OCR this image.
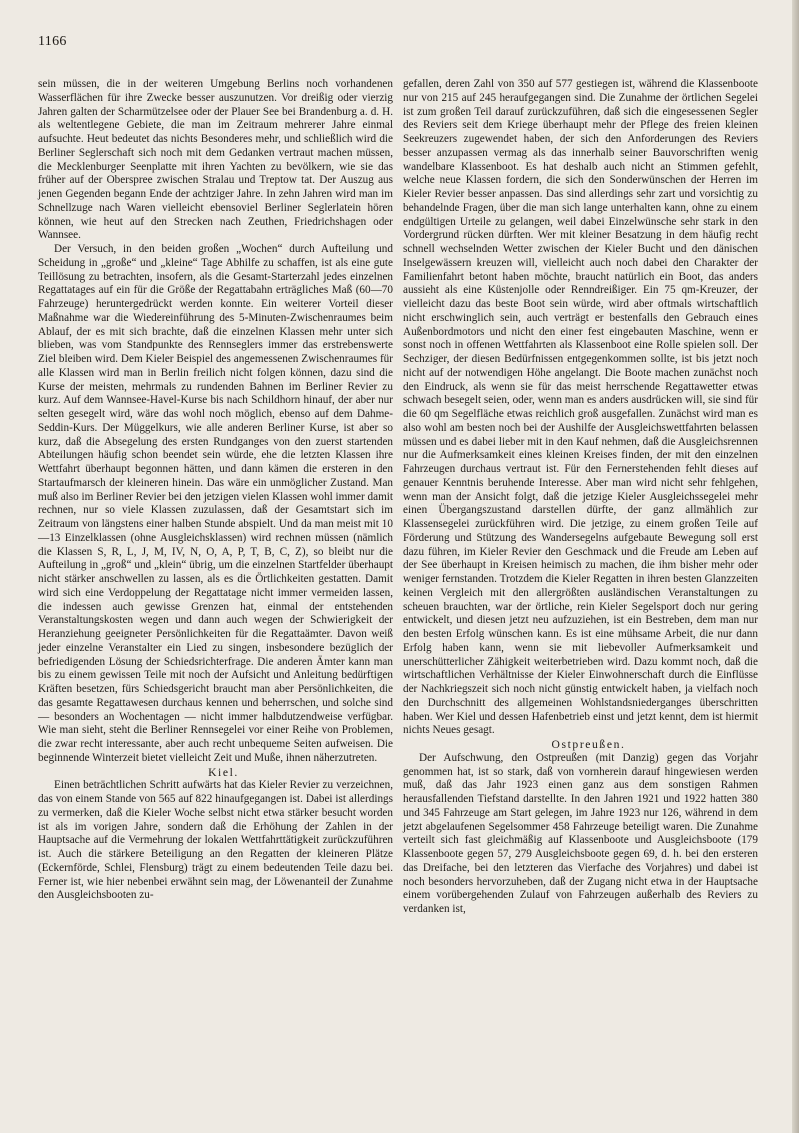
1166

sein müssen, die in der weiteren Umgebung Berlins noch vorhandenen Wasserflächen für ihre Zwecke besser auszunutzen. Vor dreißig oder vierzig Jahren galten der Scharmützelsee oder der Plauer See bei Brandenburg a. d. H. als weltentlegene Gebiete, die man im Zeitraum mehrerer Jahre einmal aufsuchte. Heut bedeutet das nichts Besonderes mehr, und schließlich wird die Berliner Seglerschaft sich noch mit dem Gedanken vertraut machen müssen, die Mecklenburger Seenplatte mit ihren Yachten zu bevölkern, wie sie das früher auf der Oberspree zwischen Stralau und Treptow tat. Der Auszug aus jenen Gegenden begann Ende der achtziger Jahre. In zehn Jahren wird man im Schnellzuge nach Waren vielleicht ebensoviel Berliner Seglerlatein hören können, wie heut auf den Strecken nach Zeuthen, Friedrichshagen oder Wannsee.

Der Versuch, in den beiden großen „Wochen“ durch Aufteilung und Scheidung in „große“ und „kleine“ Tage Abhilfe zu schaffen, ist als eine gute Teillösung zu betrachten, insofern, als die Gesamt-Starterzahl jedes einzelnen Regattatages auf ein für die Größe der Regattabahn erträgliches Maß (60—70 Fahrzeuge) heruntergedrückt werden konnte. Ein weiterer Vorteil dieser Maßnahme war die Wiedereinführung des 5-Minuten-Zwischenraumes beim Ablauf, der es mit sich brachte, daß die einzelnen Klassen mehr unter sich blieben, was vom Standpunkte des Rennseglers immer das erstrebenswerte Ziel bleiben wird. Dem Kieler Beispiel des angemessenen Zwischenraumes für alle Klassen wird man in Berlin freilich nicht folgen können, dazu sind die Kurse der meisten, mehrmals zu rundenden Bahnen im Berliner Revier zu kurz. Auf dem Wannsee-Havel-Kurse bis nach Schildhorn hinauf, der aber nur selten gesegelt wird, wäre das wohl noch möglich, ebenso auf dem Dahme-Seddin-Kurs. Der Müggelkurs, wie alle anderen Berliner Kurse, ist aber so kurz, daß die Absegelung des ersten Rundganges von den zuerst startenden Abteilungen häufig schon beendet sein würde, ehe die letzten Klassen ihre Wettfahrt überhaupt begonnen hätten, und dann kämen die ersteren in den Startaufmarsch der kleineren hinein. Das wäre ein unmöglicher Zustand. Man muß also im Berliner Revier bei den jetzigen vielen Klassen wohl immer damit rechnen, nur so viele Klassen zuzulassen, daß der Gesamtstart sich im Zeitraum von längstens einer halben Stunde abspielt. Und da man meist mit 10—13 Einzelklassen (ohne Ausgleichsklassen) wird rechnen müssen (nämlich die Klassen S, R, L, J, M, IV, N, O, A, P, T, B, C, Z), so bleibt nur die Aufteilung in „groß“ und „klein“ übrig, um die einzelnen Startfelder überhaupt nicht stärker anschwellen zu lassen, als es die Örtlichkeiten gestatten. Damit wird sich eine Verdoppelung der Regattatage nicht immer vermeiden lassen, die indessen auch gewisse Grenzen hat, einmal der entstehenden Veranstaltungskosten wegen und dann auch wegen der Schwierigkeit der Heranziehung geeigneter Persönlichkeiten für die Regattaämter. Davon weiß jeder einzelne Veranstalter ein Lied zu singen, insbesondere bezüglich der befriedigenden Lösung der Schiedsrichterfrage. Die anderen Ämter kann man bis zu einem gewissen Teile mit noch der Aufsicht und Anleitung bedürftigen Kräften besetzen, fürs Schiedsgericht braucht man aber Persönlichkeiten, die das gesamte Regattawesen durchaus kennen und beherrschen, und solche sind — besonders an Wochentagen — nicht immer halbdutzendweise verfügbar. Wie man sieht, steht die Berliner Rennsegelei vor einer Reihe von Problemen, die zwar recht interessante, aber auch recht unbequeme Seiten aufweisen. Die beginnende Winterzeit bietet vielleicht Zeit und Muße, ihnen näherzutreten.

Kiel.

Einen beträchtlichen Schritt aufwärts hat das Kieler Revier zu verzeichnen, das von einem Stande von 565 auf 822 hinaufgegangen ist. Dabei ist allerdings zu vermerken, daß die Kieler Woche selbst nicht etwa stärker besucht worden ist als im vorigen Jahre, sondern daß die Erhöhung der Zahlen in der Hauptsache auf die Vermehrung der lokalen Wettfahrttätigkeit zurückzuführen ist. Auch die stärkere Beteiligung an den Regatten der kleineren Plätze (Eckernförde, Schlei, Flensburg) trägt zu einem bedeutenden Teile dazu bei. Ferner ist, wie hier nebenbei erwähnt sein mag, der Löwenanteil der Zunahme den Ausgleichsbooten zu-

gefallen, deren Zahl von 350 auf 577 gestiegen ist, während die Klassenboote nur von 215 auf 245 heraufgegangen sind. Die Zunahme der örtlichen Segelei ist zum großen Teil darauf zurückzuführen, daß sich die eingesessenen Segler des Reviers seit dem Kriege überhaupt mehr der Pflege des freien kleinen Seekreuzers zugewendet haben, der sich den Anforderungen des Reviers besser anzupassen vermag als das innerhalb seiner Bauvorschriften wenig wandelbare Klassenboot. Es hat deshalb auch nicht an Stimmen gefehlt, welche neue Klassen fordern, die sich den Sonderwünschen der Herren im Kieler Revier besser anpassen. Das sind allerdings sehr zart und vorsichtig zu behandelnde Fragen, über die man sich lange unterhalten kann, ohne zu einem endgültigen Urteile zu gelangen, weil dabei Einzelwünsche sehr stark in den Vordergrund rücken dürften. Wer mit kleiner Besatzung in dem häufig recht schnell wechselnden Wetter zwischen der Kieler Bucht und den dänischen Inselgewässern kreuzen will, vielleicht auch noch dabei den Charakter der Familienfahrt betont haben möchte, braucht natürlich ein Boot, das anders aussieht als eine Küstenjolle oder Renndreißiger. Ein 75 qm-Kreuzer, der vielleicht dazu das beste Boot sein würde, wird aber oftmals wirtschaftlich nicht erschwinglich sein, auch verträgt er bestenfalls den Gebrauch eines Außenbordmotors und nicht den einer fest eingebauten Maschine, wenn er sonst noch in offenen Wettfahrten als Klassenboot eine Rolle spielen soll. Der Sechziger, der diesen Bedürfnissen entgegenkommen sollte, ist bis jetzt noch nicht auf der notwendigen Höhe angelangt. Die Boote machen zunächst noch den Eindruck, als wenn sie für das meist herrschende Regattawetter etwas schwach besegelt seien, oder, wenn man es anders ausdrücken will, sie sind für die 60 qm Segelfläche etwas reichlich groß ausgefallen. Zunächst wird man es also wohl am besten noch bei der Aushilfe der Ausgleichswettfahrten belassen müssen und es dabei lieber mit in den Kauf nehmen, daß die Ausgleichsrennen nur die Aufmerksamkeit eines kleinen Kreises finden, der mit den einzelnen Fahrzeugen durchaus vertraut ist. Für den Fernerstehenden fehlt dieses auf genauer Kenntnis beruhende Interesse. Aber man wird nicht sehr fehlgehen, wenn man der Ansicht folgt, daß die jetzige Kieler Ausgleichssegelei mehr einen Übergangszustand darstellen dürfte, der ganz allmählich zur Klassensegelei zurückführen wird. Die jetzige, zu einem großen Teile auf Förderung und Stützung des Wandersegelns aufgebaute Bewegung soll erst dazu führen, im Kieler Revier den Geschmack und die Freude am Leben auf der See überhaupt in Kreisen heimisch zu machen, die ihm bisher mehr oder weniger fernstanden. Trotzdem die Kieler Regatten in ihren besten Glanzzeiten keinen Vergleich mit den allergrößten ausländischen Veranstaltungen zu scheuen brauchten, war der örtliche, rein Kieler Segelsport doch nur gering entwickelt, und diesen jetzt neu aufzuziehen, ist ein Bestreben, dem man nur den besten Erfolg wünschen kann. Es ist eine mühsame Arbeit, die nur dann Erfolg haben kann, wenn sie mit liebevoller Aufmerksamkeit und unerschütterlicher Zähigkeit weiterbetrieben wird. Dazu kommt noch, daß die wirtschaftlichen Verhältnisse der Kieler Einwohnerschaft durch die Einflüsse der Nachkriegszeit sich noch nicht günstig entwickelt haben, ja vielfach noch den Durchschnitt des allgemeinen Wohlstandsniederganges überschritten haben. Wer Kiel und dessen Hafenbetrieb einst und jetzt kennt, dem ist hiermit nichts Neues gesagt.

Ostpreußen.

Der Aufschwung, den Ostpreußen (mit Danzig) gegen das Vorjahr genommen hat, ist so stark, daß von vornherein darauf hingewiesen werden muß, daß das Jahr 1923 einen ganz aus dem sonstigen Rahmen herausfallenden Tiefstand darstellte. In den Jahren 1921 und 1922 hatten 380 und 345 Fahrzeuge am Start gelegen, im Jahre 1923 nur 126, während in dem jetzt abgelaufenen Segelsommer 458 Fahrzeuge beteiligt waren. Die Zunahme verteilt sich fast gleichmäßig auf Klassenboote und Ausgleichsboote (179 Klassenboote gegen 57, 279 Ausgleichsboote gegen 69, d. h. bei den ersteren das Dreifache, bei den letzteren das Vierfache des Vorjahres) und dabei ist noch besonders hervorzuheben, daß der Zugang nicht etwa in der Hauptsache einem vorübergehenden Zulauf von Fahrzeugen außerhalb des Reviers zu verdanken ist,
